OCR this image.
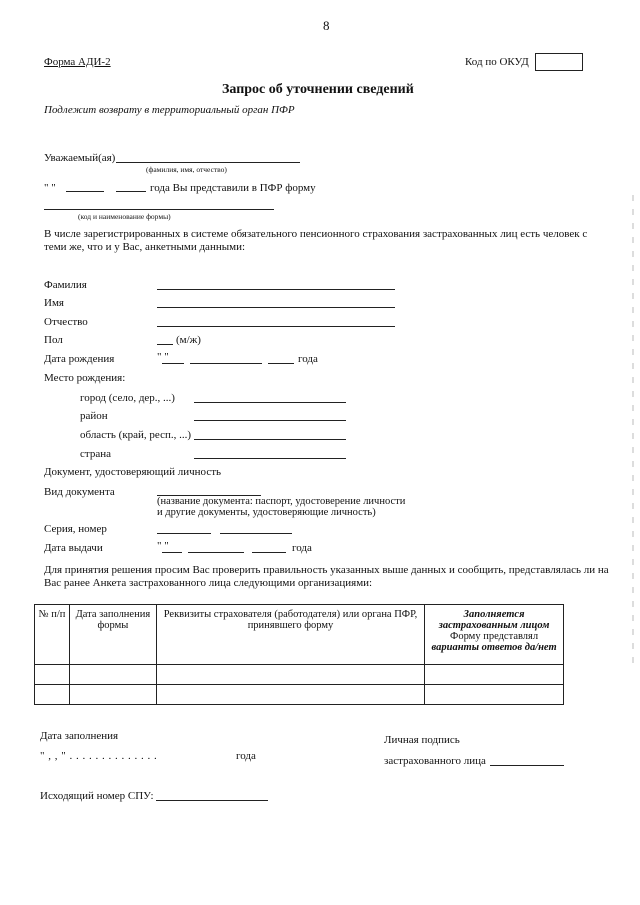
8
Форма АДИ-2	Код по ОКУД
Запрос об уточнении сведений
Подлежит возврату в территориальный орган ПФР
Уважаемый(ая)
(фамилия, имя, отчество)
" "	года Вы представили в ПФР форму
(код и наименование формы)
В числе зарегистрированных в системе обязательного пенсионного страхования застрахованных лиц есть человек с теми же, что и у Вас, анкетными данными:
Фамилия
Имя
Отчество
Пол	(м/ж)
Дата рождения	" "	года
Место рождения:
город (село, дер., ...)
район
область (край, респ., ...)
страна
Документ, удостоверяющий личность
Вид документа
(название документа: паспорт, удостоверение личности
и другие документы, удостоверяющие личность)
Серия, номер
Дата выдачи	" "	года
Для принятия решения просим Вас проверить правильность указанных выше данных и сообщить, представлялась ли на Вас ранее Анкета застрахованного лица следующими организациями:
№ п/п	Дата заполнения формы	Реквизиты страхователя (работодателя) или органа ПФР, принявшего форму	Заполняется застрахованным лицом
Форму представлял
варианты ответов да/нет

Дата заполнения
" , , " . . . . . . . . . . . . . .	года
Личная подпись
застрахованного лица
Исходящий номер СПУ:
